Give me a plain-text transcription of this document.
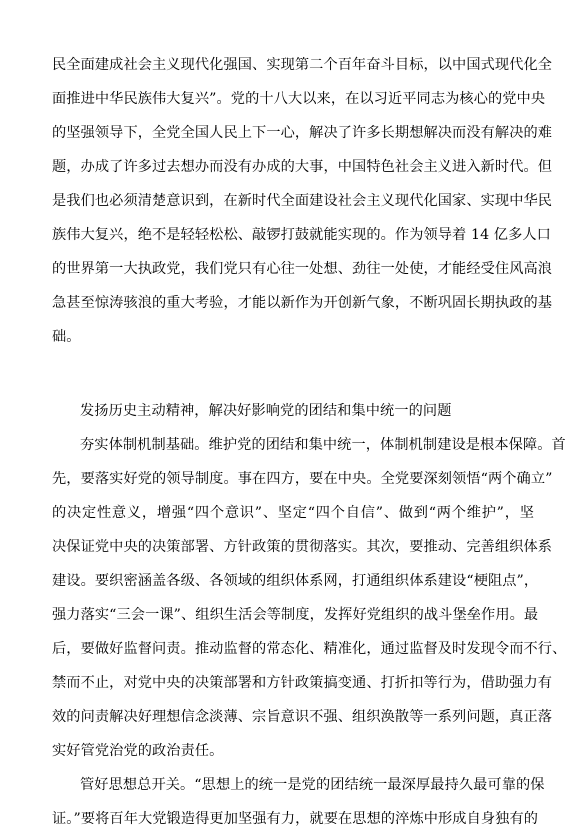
民全面建成社会主义现代化强国、实现第二个百年奋斗目标，以中国式现代化全
面推进中华民族伟大复兴”。党的十八大以来，在以习近平同志为核心的党中央
的坚强领导下，全党全国人民上下一心，解决了许多长期想解决而没有解决的难
题，办成了许多过去想办而没有办成的大事，中国特色社会主义进入新时代。但
是我们也必须清楚意识到，在新时代全面建设社会主义现代化国家、实现中华民
族伟大复兴，绝不是轻轻松松、敲锣打鼓就能实现的。作为领导着 14 亿多人口
的世界第一大执政党，我们党只有心往一处想、劲往一处使，才能经受住风高浪
急甚至惊涛骇浪的重大考验，才能以新作为开创新气象，不断巩固长期执政的基
础。
发扬历史主动精神，解决好影响党的团结和集中统一的问题
夯实体制机制基础。维护党的团结和集中统一，体制机制建设是根本保障。首
先，要落实好党的领导制度。事在四方，要在中央。全党要深刻领悟“两个确立”
的决定性意义，增强“四个意识”、坚定“四个自信”、做到“两个维护”，坚
决保证党中央的决策部署、方针政策的贯彻落实。其次，要推动、完善组织体系
建设。要织密涵盖各级、各领域的组织体系网，打通组织体系建设“梗阻点”，
强力落实“三会一课”、组织生活会等制度，发挥好党组织的战斗堡垒作用。最
后，要做好监督问责。推动监督的常态化、精准化，通过监督及时发现令而不行、
禁而不止，对党中央的决策部署和方针政策搞变通、打折扣等行为，借助强力有
效的问责解决好理想信念淡薄、宗旨意识不强、组织涣散等一系列问题，真正落
实好管党治党的政治责任。
管好思想总开关。“思想上的统一是党的团结统一最深厚最持久最可靠的保
证。”要将百年大党锻造得更加坚强有力，就要在思想的淬炼中形成自身独有的
